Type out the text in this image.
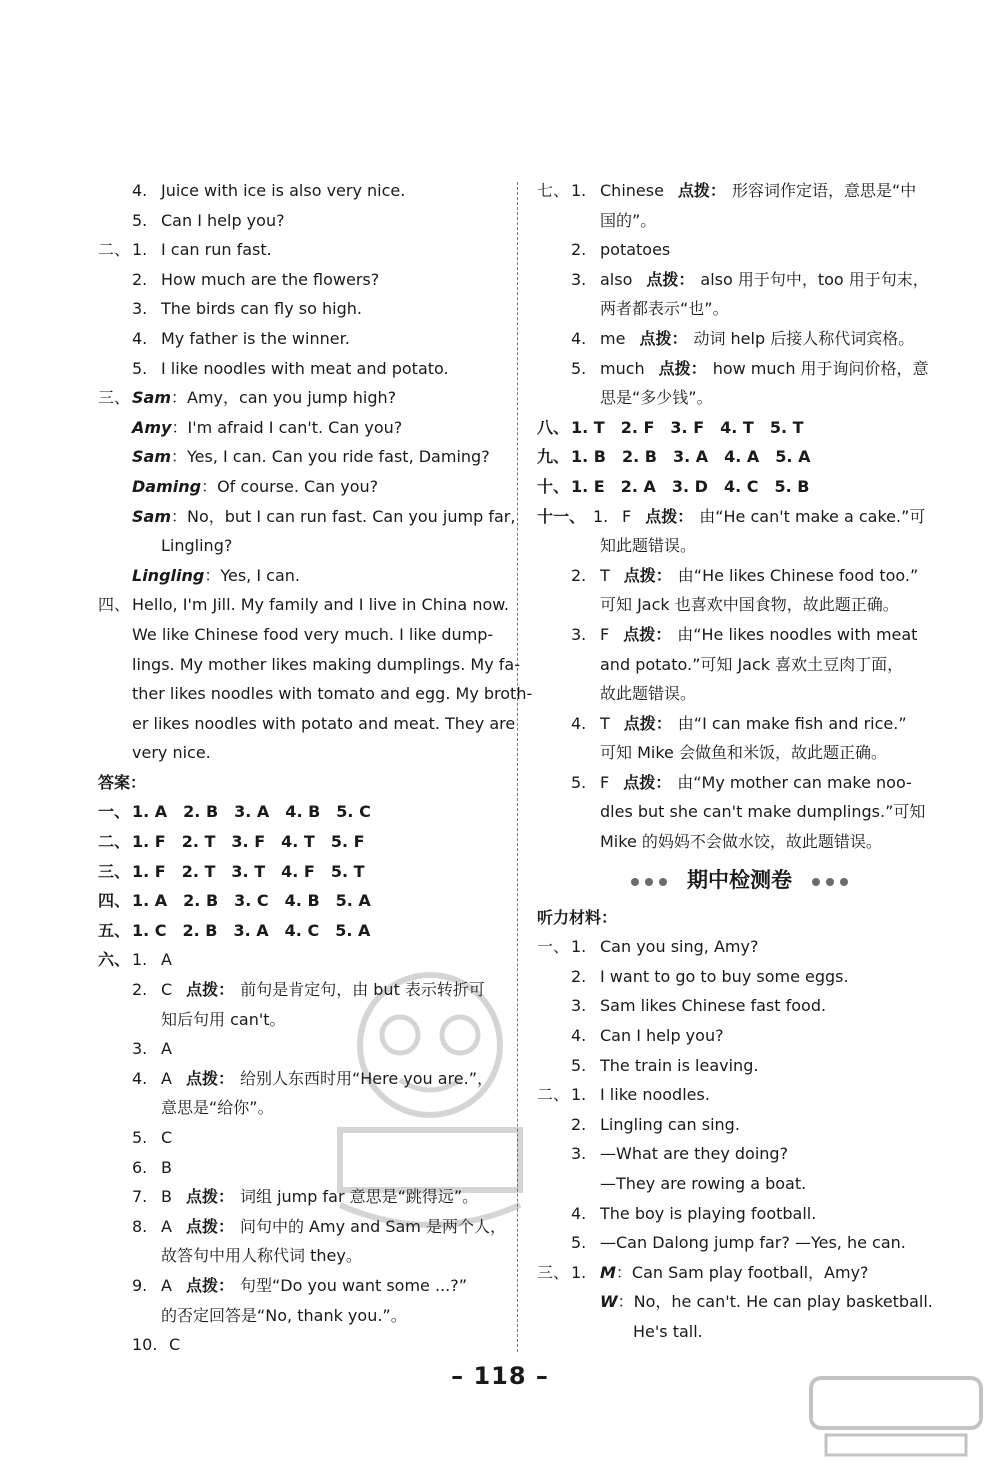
4. Juice with ice is also very nice.
5. Can I help you?
二、 1. I can run fast.
2. How much are the flowers?
3. The birds can fly so high.
4. My father is the winner.
5. I like noodles with meat and potato.
三、 Sam：Amy，can you jump high?
Amy：I'm afraid I can't. Can you?
Sam：Yes, I can. Can you ride fast, Daming?
Daming：Of course. Can you?
Sam：No，but I can run fast. Can you jump far,
Lingling?
Lingling：Yes, I can.
四、 Hello, I'm Jill. My family and I live in China now.
We like Chinese food very much. I like dump-
lings. My mother likes making dumplings. My fa-
ther likes noodles with tomato and egg. My broth-
er likes noodles with potato and meat. They are
very nice.
答案：
一、 1. A　2. B　3. A　4. B　5. C
二、 1. F　2. T　3. F　4. T　5. F
三、 1. F　2. T　3. T　4. F　5. T
四、 1. A　2. B　3. C　4. B　5. A
五、 1. C　2. B　3. A　4. C　5. A
六、 1. A
2. C 点拨： 前句是肯定句，由 but 表示转折可
知后句用 can't。
3. A
4. A 点拨： 给别人东西时用“Here you are.”，
意思是“给你”。
5. C
6. B
7. B 点拨： 词组 jump far 意思是“跳得远”。
8. A 点拨： 问句中的 Amy and Sam 是两个人，
故答句中用人称代词 they。
9. A 点拨： 句型“Do you want some ...?”
的否定回答是“No, thank you.”。
10. C
七、 1. Chinese 点拨： 形容词作定语，意思是“中
国的”。
2. potatoes
3. also 点拨： also 用于句中，too 用于句末，
两者都表示“也”。
4. me 点拨： 动词 help 后接人称代词宾格。
5. much 点拨： how much 用于询问价格，意
思是“多少钱”。
八、 1. T　2. F　3. F　4. T　5. T
九、 1. B　2. B　3. A　4. A　5. A
十、 1. E　2. A　3. D　4. C　5. B
十一、 1. F 点拨： 由“He can't make a cake.”可
知此题错误。
2. T 点拨： 由“He likes Chinese food too.”
可知 Jack 也喜欢中国食物，故此题正确。
3. F 点拨： 由“He likes noodles with meat
and potato.”可知 Jack 喜欢土豆肉丁面，
故此题错误。
4. T 点拨： 由“I can make fish and rice.”
可知 Mike 会做鱼和米饭，故此题正确。
5. F 点拨： 由“My mother can make noo-
dles but she can't make dumplings.”可知
Mike 的妈妈不会做水饺，故此题错误。
期中检测卷
听力材料：
一、 1. Can you sing, Amy?
2. I want to go to buy some eggs.
3. Sam likes Chinese fast food.
4. Can I help you?
5. The train is leaving.
二、 1. I like noodles.
2. Lingling can sing.
3. —What are they doing?
—They are rowing a boat.
4. The boy is playing football.
5. —Can Dalong jump far? —Yes, he can.
三、 1. M：Can Sam play football，Amy?
W：No，he can't. He can play basketball.
He's tall.
– 118 –
